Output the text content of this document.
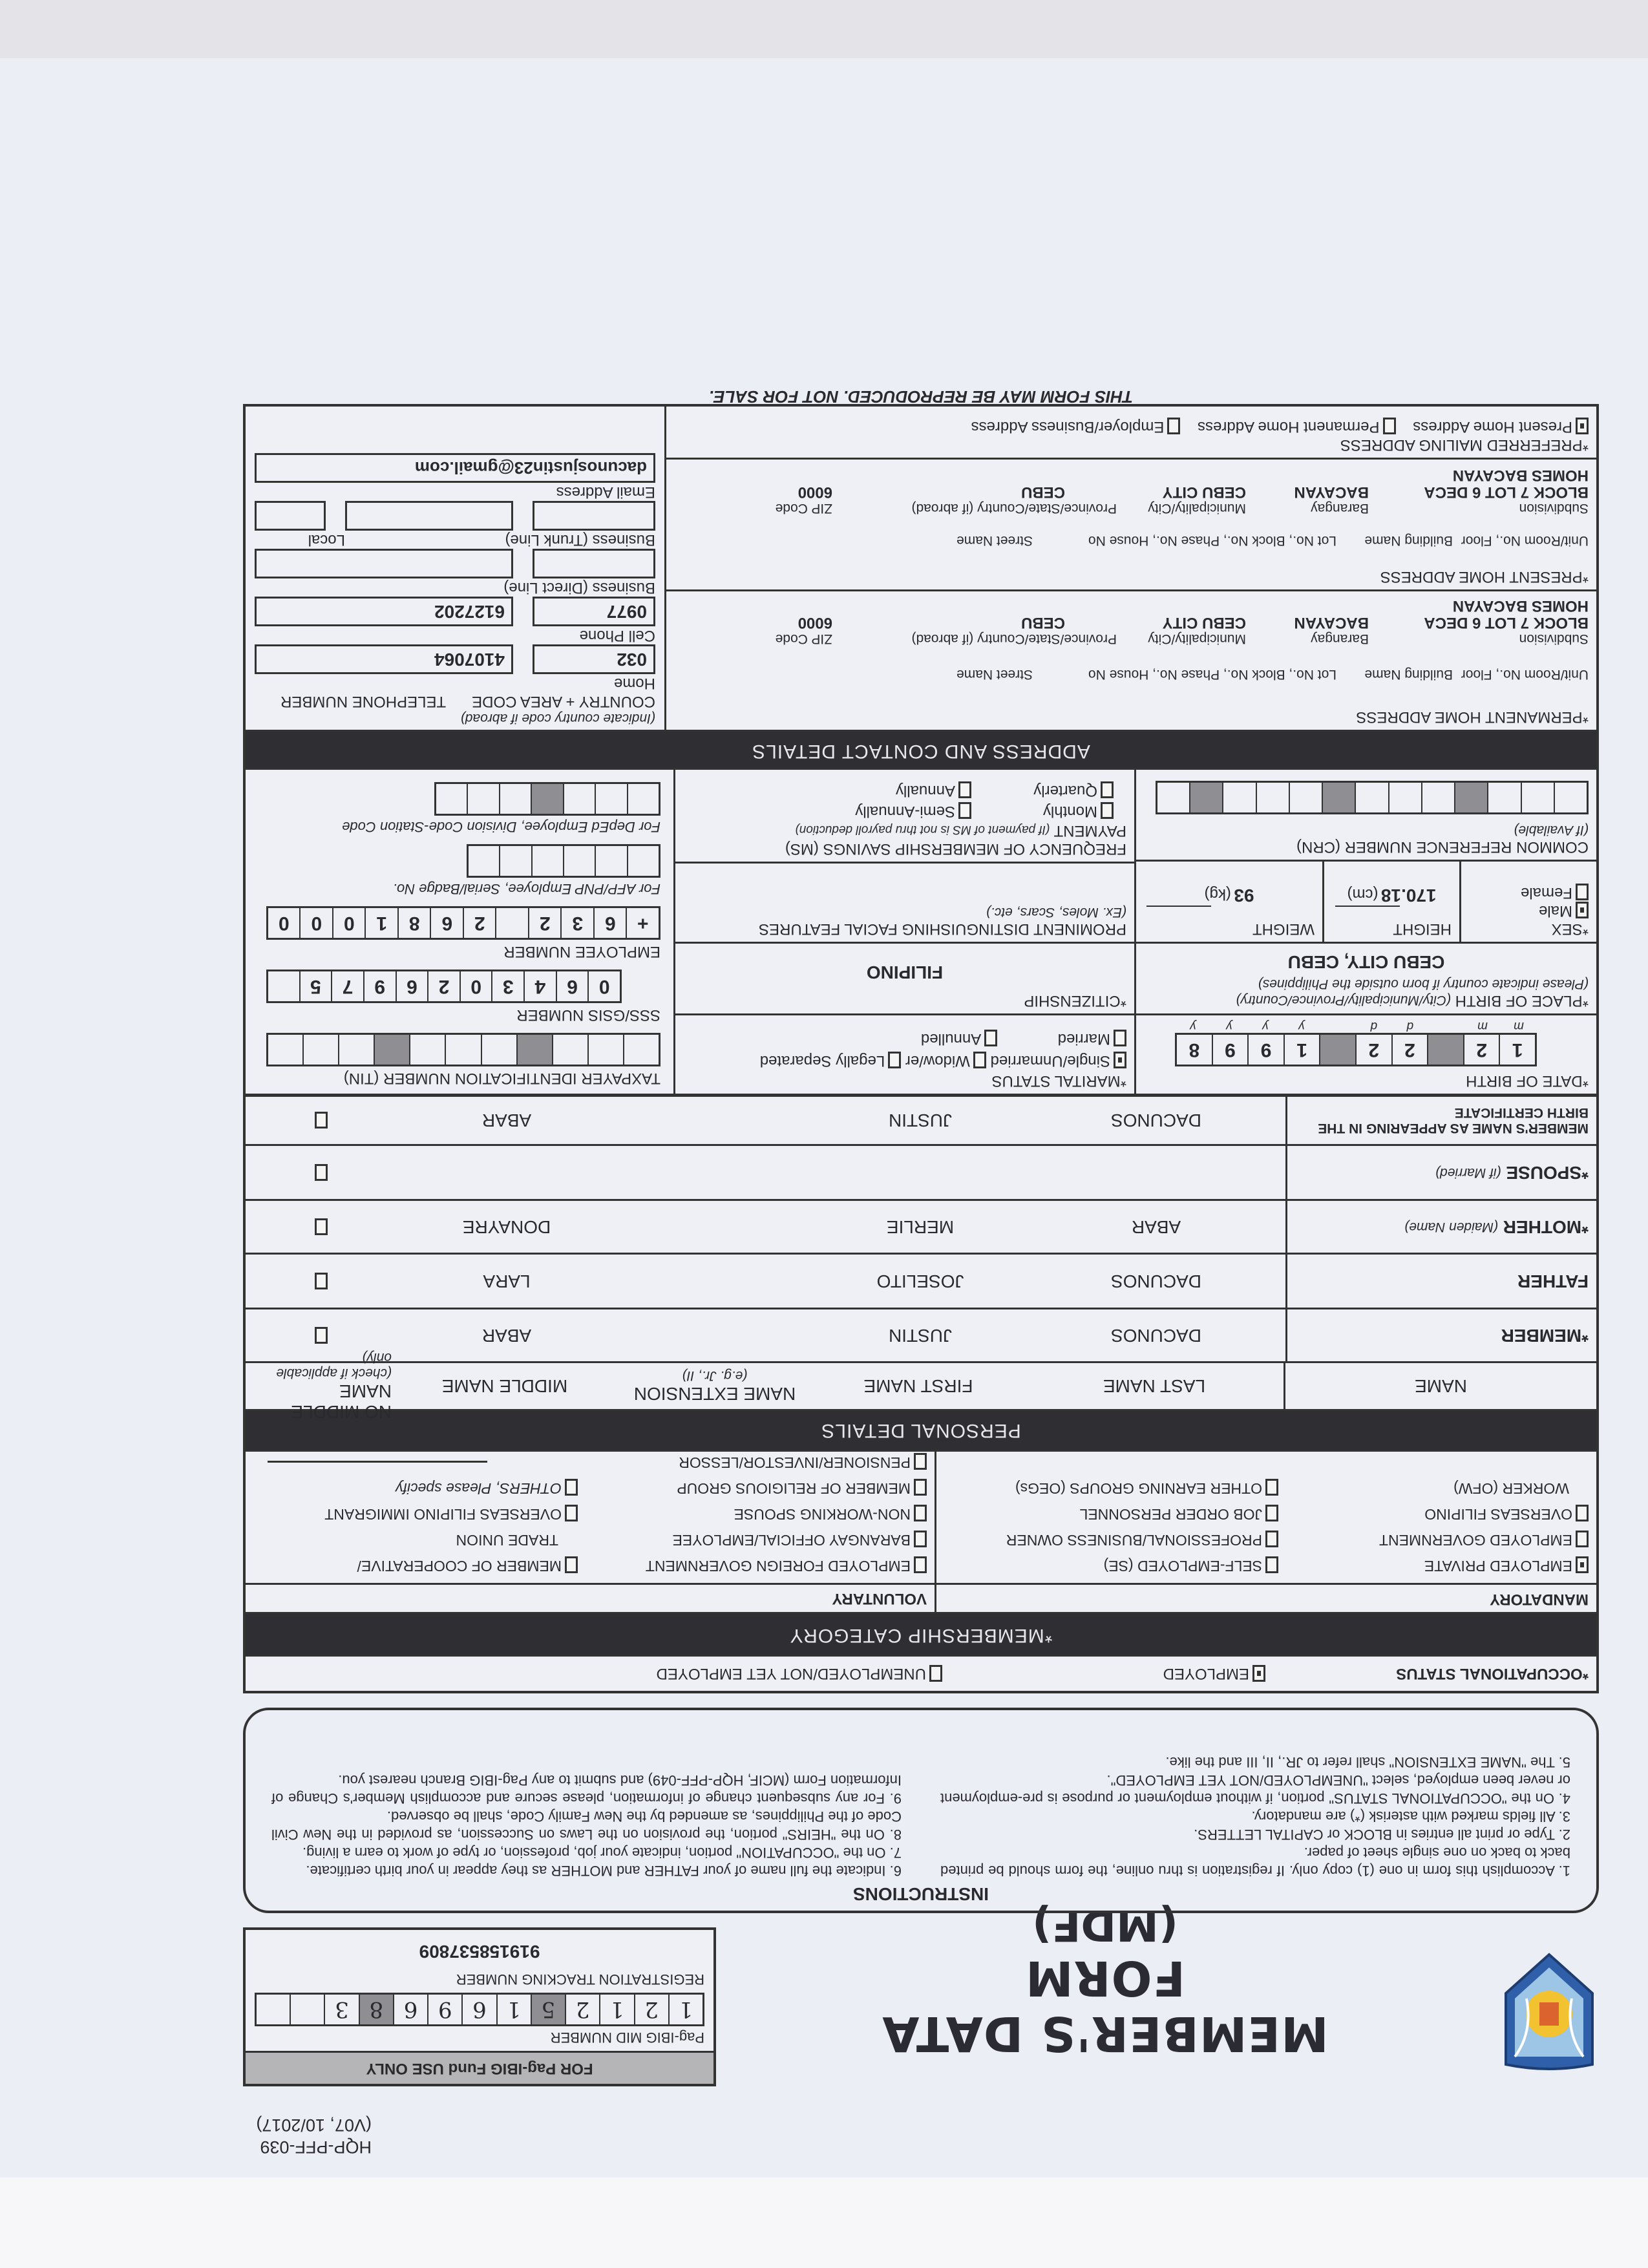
HQP-PFF-039
(V07, 10/2017)
MEMBER'S DATA FORM
(MDF)
FOR Pag-IBIG Fund USE ONLY
Pag-IBIG MID NUMBER
1
2
1
2
5
1
6
9
6
8
3
REGISTRATION TRACKING NUMBER
919158537809
INSTRUCTIONS

1. Accomplish this form in one (1) copy only. If registration is thru online, the form should be printed back to back on one single sheet of paper.

2. Type or print all entries in BLOCK or CAPITAL LETTERS.

3. All fields marked with asterisk (*) are mandatory.

4. On the "OCCUPATIONAL STATUS" portion, if without employment or purpose is pre-employment or never been employed, select "UNEMPLOYED/NOT YET EMPLOYED".

5. The "NAME EXTENSION" shall refer to JR., II, III and the like.

6. Indicate the full name of your FATHER and MOTHER as they appear in your birth certificate.

7. On the "OCCUPATION" portion, indicate your job, profession, or type of work to earn a living.

8. On the "HEIRS" portion, the provision on the Laws on Succession, as provided in the New Civil Code of the Philippines, as amended by the New Family Code, shall be observed.

9. For any subsequent change of information, please secure and accomplish Member's Change of Information Form (MCIF, HQP-PFF-049) and submit to any Pag-IBIG Branch nearest you.

*OCCUPATIONAL STATUS
EMPLOYED
UNEMPLOYED/NOT YET EMPLOYED
*MEMBERSHIP CATEGORY
MANDATORY
VOLUNTARY
EMPLOYED PRIVATE
EMPLOYED GOVERNMENT
OVERSEAS FILIPINO
WORKER (OFW)
SELF-EMPLOYED (SE)
PROFESSIONAL/BUSINESS OWNER
JOB ORDER PERSONNEL
OTHER EARNING GROUPS (OEGs)
EMPLOYED FOREIGN GOVERNMENT
BARANGAY OFFICIAL/EMPLOYEE
NON-WORKING SPOUSE
MEMBER OF RELIGIOUS GROUP
PENSIONER/INVESTOR/LESSOR
MEMBER OF COOPERATIVE/
TRADE UNION
OVERSEAS FILIPINO IMMIGRANT
OTHERS, Please specify
PERSONAL DETAILS
NAME
LAST NAME
FIRST NAME
NAME EXTENSION
(e.g. Jr., II)
MIDDLE NAME
NO MIDDLE NAME
(check if applicable only)
*MEMBER
DACUNOS
JUSTIN
ABAR
FATHER
DACUNOS
JOSELITO
LARA
*MOTHER

(Maiden Name)
ABAR
MERLIE
DONAYRE
*SPOUSE

(if Married)
MEMBER'S NAME AS APPEARING IN THE BIRTH CERTIFICATE
DACUNOS
JUSTIN
ABAR
*DATE OF BIRTH
1
2
2
2
1
9
9
8
m
m
d
d
y
y
y
y
*PLACE OF BIRTH (City/Municipality/Province/Country)
(Please indicate country if born outside the Philippines)
CEBU CITY, CEBU
*SEX
Male
Female
HEIGHT
170.18 (cm)
WEIGHT
93 (kg)
COMMON REFERENCE NUMBER (CRN)
(If Available)
*MARITAL STATUS
Single/Unmarried Widow/er Legally Separated
Married              Annulled
*CITIZENSHIP
FILIPINO
PROMINENT DISTINGUISHING FACIAL FEATURES
(Ex. Moles, Scars, etc.)
FREQUENCY OF MEMBERSHIP SAVINGS (MS)
PAYMENT (If payment of MS is not thru payroll deduction)
Monthly
Semi-Annually
Quarterly
Annually
TAXPAYER IDENTIFICATION NUMBER (TIN)
SSS/GSIS NUMBER
0
6
4
3
0
2
6
9
7
5
EMPLOYEE NUMBER
+
6
3
2
2
6
8
1
0
0
0
For AFP/PNP Employee, Serial/Badge No.
For DepEd Employee, Division Code-Station Code
ADDRESS AND CONTACT DETAILS
*PERMANENT HOME ADDRESS
Unit/Room No., Floor
Building Name
Lot No., Block No., Phase No., House No
Street Name
Subdivision
Barangay
Municipality/City
Province/State/Country (if abroad)
ZIP Code
BLOCK 7 LOT 6 DECA HOMES BACAYAN
BACAYAN
CEBU CITY
CEBU
6000
*PRESENT HOME ADDRESS
Unit/Room No., Floor
Building Name
Lot No., Block No., Phase No., House No
Street Name
Subdivision
Barangay
Municipality/City
Province/State/Country (if abroad)
ZIP Code
BLOCK 7 LOT 6 DECA HOMES BACAYAN
BACAYAN
CEBU CITY
CEBU
6000
*PREFERRED MAILING ADDRESS
Present Home Address    Permanent Home Address    Employer/Business Address
(Indicate country code if abroad)
COUNTRY + AREA CODE
TELEPHONE NUMBER
Home
032
4107064
Cell Phone
0977
6127202
Business (Direct Line)
Business (Trunk Line)
Local
Email Address
dacunosjustin23@gmail.com
THIS FORM MAY BE REPRODUCED. NOT FOR SALE.
